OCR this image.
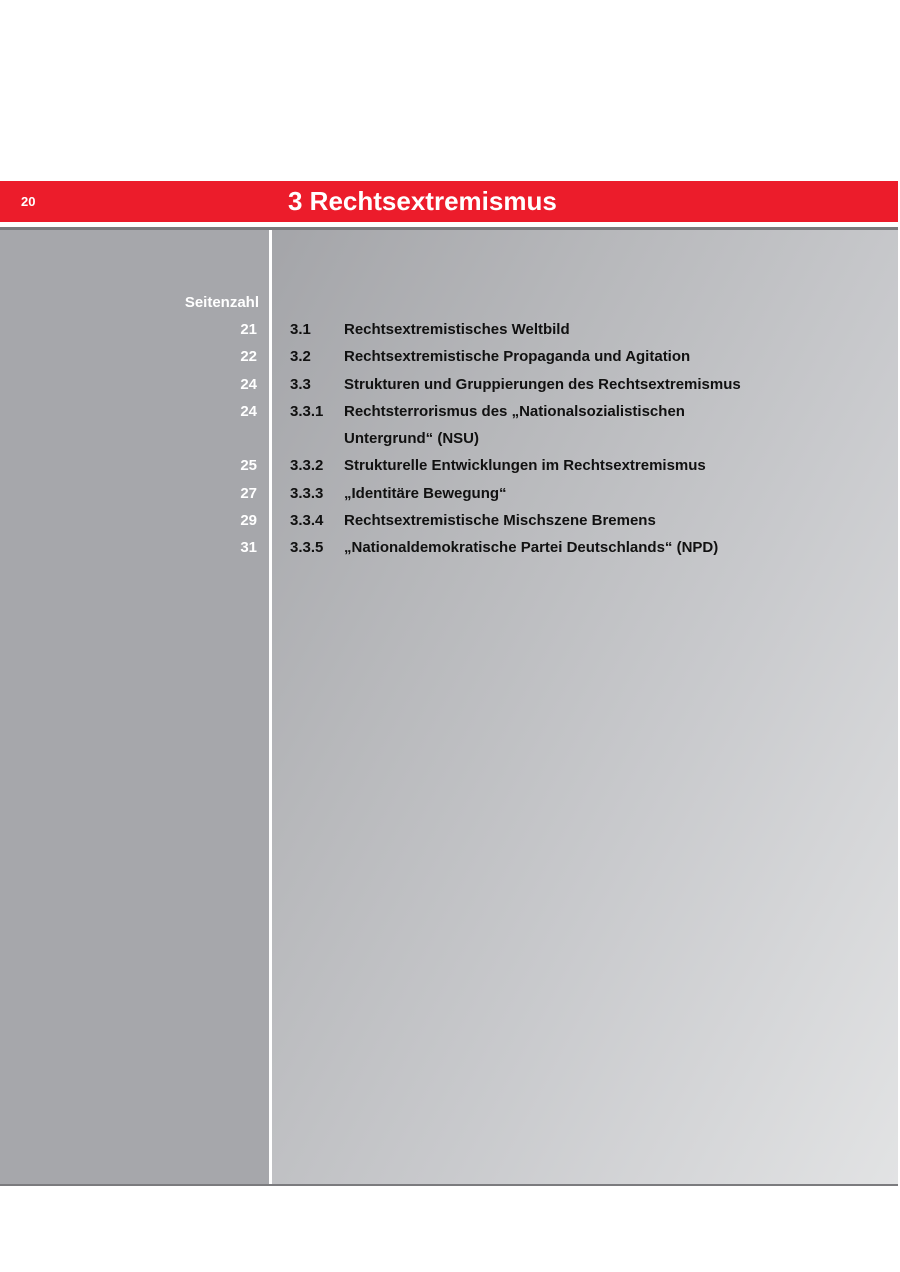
20	3 Rechtsextremismus
Seitenzahl
21 3.1 Rechtsextremistisches Weltbild
22 3.2 Rechtsextremistische Propaganda und Agitation
24 3.3 Strukturen und Gruppierungen des Rechtsextremismus
24 3.3.1 Rechtsterrorismus des „Nationalsozialistischen
Untergrund“ (NSU)
25 3.3.2 Strukturelle Entwicklungen im Rechtsextremismus
27 3.3.3 „Identitäre Bewegung“
29 3.3.4 Rechtsextremistische Mischszene Bremens
31 3.3.5 „Nationaldemokratische Partei Deutschlands“ (NPD)
